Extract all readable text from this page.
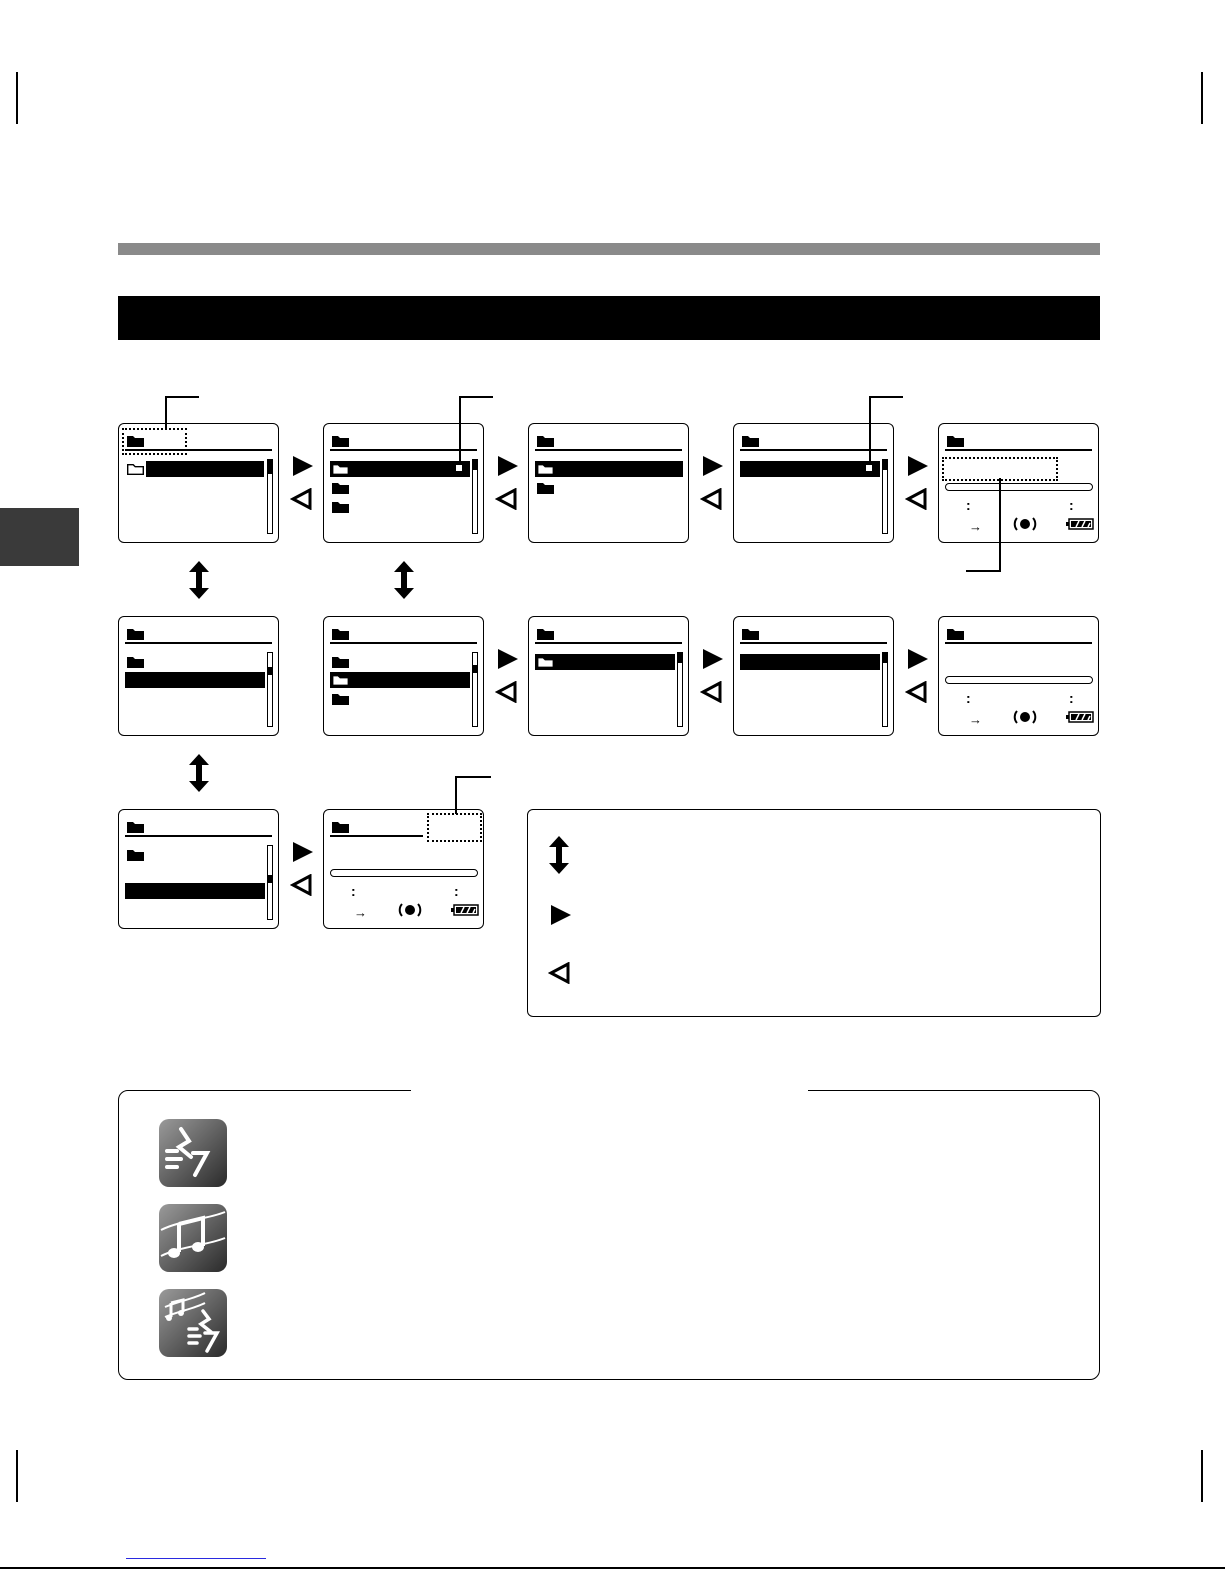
:	:
→
:	:
→
:	:
→
